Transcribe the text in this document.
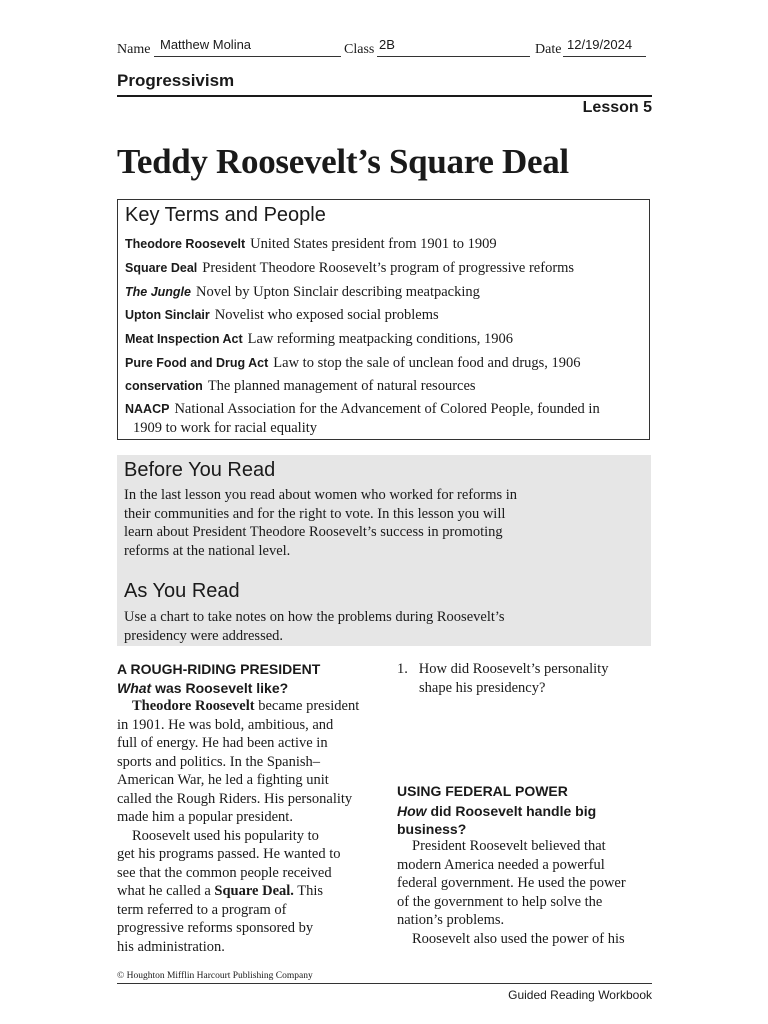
Name Matthew Molina	Class 2B	Date 12/19/2024
Progressivism
Lesson 5
Teddy Roosevelt’s Square Deal
Key Terms and People
Theodore Roosevelt United States president from 1901 to 1909
Square Deal President Theodore Roosevelt’s program of progressive reforms
The Jungle Novel by Upton Sinclair describing meatpacking
Upton Sinclair Novelist who exposed social problems
Meat Inspection Act Law reforming meatpacking conditions, 1906
Pure Food and Drug Act Law to stop the sale of unclean food and drugs, 1906
conservation The planned management of natural resources
NAACP National Association for the Advancement of Colored People, founded in
1909 to work for racial equality
Before You Read

In the last lesson you read about women who worked for reforms in

their communities and for the right to vote. In this lesson you will

learn about President Theodore Roosevelt’s success in promoting

reforms at the national level.

As You Read

Use a chart to take notes on how the problems during Roosevelt’s

presidency were addressed.

A ROUGH-RIDING PRESIDENT
What was Roosevelt like?

Theodore Roosevelt became president

in 1901. He was bold, ambitious, and

full of energy. He had been active in

sports and politics. In the Spanish–

American War, he led a fighting unit

called the Rough Riders. His personality

made him a popular president.

Roosevelt used his popularity to

get his programs passed. He wanted to

see that the common people received

what he called a Square Deal. This

term referred to a program of

progressive reforms sponsored by

his administration.

1. How did Roosevelt’s personality

shape his presidency?

USING FEDERAL POWER
How did Roosevelt handle big
business?

President Roosevelt believed that

modern America needed a powerful

federal government. He used the power

of the government to help solve the

nation’s problems.

Roosevelt also used the power of his

© Houghton Mifflin Harcourt Publishing Company
Guided Reading Workbook
